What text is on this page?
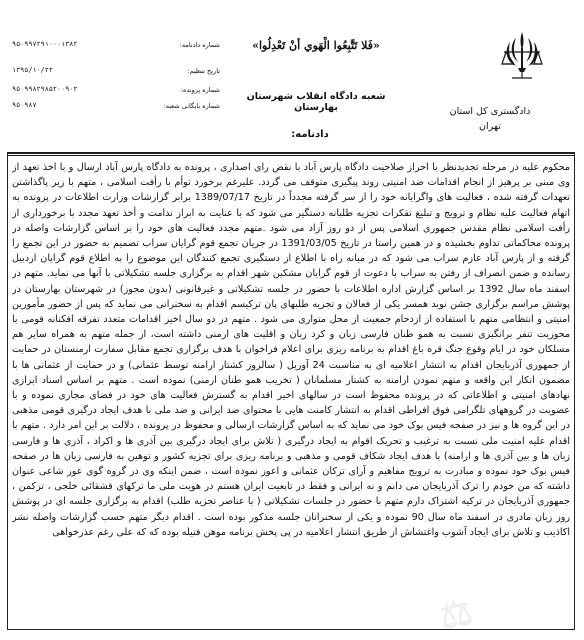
دادگستری کل استان
تهران
«فَلا تَتَّبِعُوا الْهَوي أنْ تَعْدِلُوا»
شعبه دادگاه انقلاب شهرستان بهارستان
شماره دادنامه:
۹۵۰۹۹۷۲۹۱۰۰۰۱۳۸۲
تاریخ تنظیم:
۱۳۹۵/۱۰/۲۲
شماره پرونده:
۹۵۰۹۹۸۲۹۸۵۲۰۰۹۰۲
شماره بایگانی شعبه:
۹۵۰۹۸۷
دادنامه:
محکوم علیه در مرحله تجدیدنظر با احراز صلاحیت دادگاه پارس آباد با نقض رای اصداری ، پرونده به دادگاه پارس آباد ارسال و با اخذ تعهد از وی مبنی بر پرهیز از انجام اقدامات ضد امنیتی روند پیگیری متوقف می گردد. علیرغم برخورد توأم با رأفت اسلامی ، متهم با زیر پاگذاشتن تعهدات گرفته شده ، فعالیت های واگرایانه خود را از سر گرفته مجدداً در تاریخ 1389/07/17 برابر گزارشات وزارت اطلاعات در پرونده به اتهام فعالیت علیه نظام و ترویج و تبلیغ تفکرات تجزیه طلبانه دستگیر می شود که با عنایت به ابراز ندامت و أخذ تعهد مجدد با برخورداری از رأفت اسلامی نظام مقدس جمهوری اسلامی پس از دو روز آزاد می شود .متهم مجدد فعالیت های خود را بر اساس گزارشات واصله در پرونده محاکماتی تداوم بخشیده و در همین راستا در تاریخ 1391/03/05 در جریان تجمع قوم گرایان سراب تصمیم به حضور در این تجمع را گرفته و از پارس آباد عازم سراب می شود که در میانه راه با اطلاع از دستگیری تجمع کنندگان این موضوع را به اطلاع قوم گرایان اردبیل رسانده و ضمن انصراف از رفتن به سراب با دعوت از قوم گرایان مشکین شهر اقدام به برگزاری جلسه تشکیلاتی با آنها می نماید. متهم در اسفند ماه سال 1392 بر اساس گزارش اداره اطلاعات با حضور در جلسه تشکیلاتی و غیرقانونی (بدون مجوز) در شهرستان بهارستان در پوشش مراسم برگزاری جشن نوید همسر یکی از فعالان و تجزیه طلبهای پان ترکیسم اقدام به سخنرانی می نماید که پس از حضور مأمورین امنیتی و انتظامی متهم با استفاده از ازدحام جمعیت از محل متواری می شود . متهم در دو سال اخیر اقدامات متعدد تفرقه افکنانه قومی با محوریت تنفر برانگیزی نسبت به همو طنان فارسی زبان و کرد زبان و اقلیت های ارمنی داشته است، از جمله متهم به همراه سایر هم مسلکان خود در ایام وقوع جنگ قره باغ اقدام به برنامه ریزی برای اعلام فراخوان با هدف برگزاری تجمع مقابل سفارت ارمنستان در حمایت از جمهوری آذربایجان اقدام به انتشار اعلامیه ای به مناسبت 24 آوریل ( سالروز کشتار ارامنه توسط عثمانی) و در حمایت از عثمانی ها با مضمون انکار این واقعه و متهم نمودن ارامنه به کشتار مسلمانان ( تخریب همو طنان ارمنی) نموده است . متهم بر اساس اسناد ابرازی نهادهای امنیتی و اطلاعاتی که در پرونده محفوظ است در سالهای اخیر اقدام به گسترش فعالیت های خود در فضای مجازی نموده و با عضویت در گروههای تلگرامی فوق افراطی اقدام به انتشار کامنت هایی با محتوای ضد ایرانی و ضد ملی با هدف ایجاد درگیری قومی مذهبی در این گروه ها و نیز در صفحه فیس بوک خود می نماید که به اساس گزارشات ارسالی و محفوظ در پرونده ، دلالت بر این امر دارد . متهم با اقدام علیه امنیت ملی نسبت به ترغیب و تحریک اقوام به ایجاد درگیری ( تلاش برای ایجاد درگیری بین آذری ها و اکراد ، آذری ها و فارسی زبان ها و بین آذری ها و ارامنه) با هدف ایجاد شکاف قومی و مذهبی و برنامه ریزی برای تجزیه کشور و توهین به فارسی زبان ها در صفحه فیس بوک خود نموده و مبادرت به ترویج مفاهیم و آرای ترکان عثمانی و اعوز نموده است ، ضمن اینکه وی در گروه گوی عور شاعی عنوان داشته که من خودم را ترک آذربایجان می دانم و نه ایرانی و فقط در تابعیت ایران هستم در هویت ملی ما ترکهای قشقائی خلجی ، ترکمن ، جمهوری آذربایجان در ترکیه اشتراک دارم متهم با حضور در جلسات تشکیلاتی ( با عناصر تجزیه طلب) اقدام به برگزاری جلسه ای در پوشش روز زبان مادری در اسفند ماه سال 90 نموده و یکی از سخنرانان جلسه مذکور بوده است . اقدام دیگر متهم حسب گزارشات واصله نشر اکاذیب و تلاش برای ایجاد آشوب واغتشاش از طریق انتشار اعلامیه در پی پخش برنامه موهن فتیله بوده که که علی رغم عذرخواهی
⚖
